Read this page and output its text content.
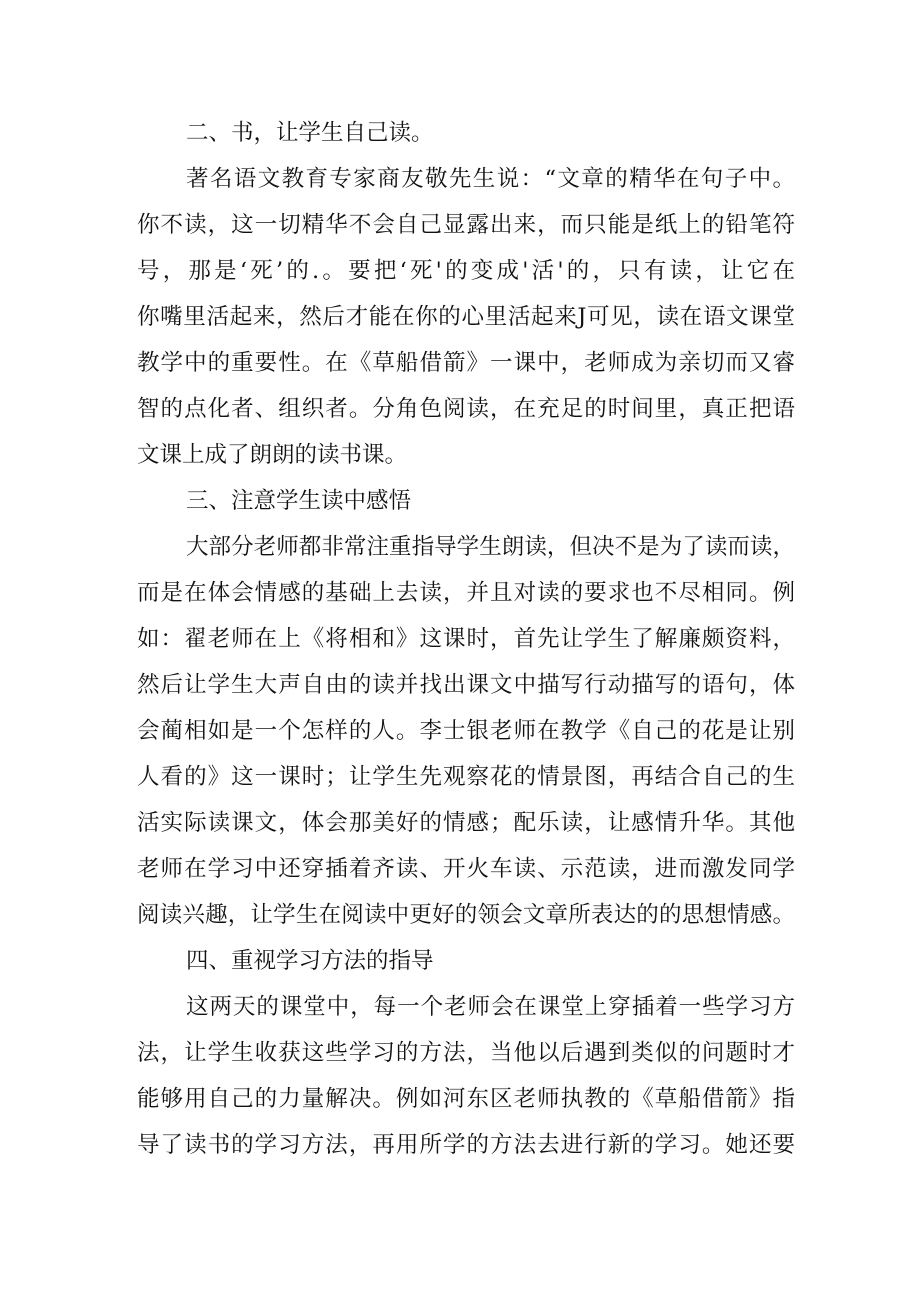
二、书，让学生自己读。
著名语文教育专家商友敬先生说：“文章的精华在句子中。
你不读，这一切精华不会自己显露出来，而只能是纸上的铅笔符
号，那是‘死’的.。要把‘死'的变成'活'的，只有读，让它在
你嘴里活起来，然后才能在你的心里活起来J可见，读在语文课堂
教学中的重要性。在《草船借箭》一课中，老师成为亲切而又睿
智的点化者、组织者。分角色阅读，在充足的时间里，真正把语
文课上成了朗朗的读书课。
三、注意学生读中感悟
大部分老师都非常注重指导学生朗读，但决不是为了读而读，
而是在体会情感的基础上去读，并且对读的要求也不尽相同。例
如：翟老师在上《将相和》这课时，首先让学生了解廉颇资料，
然后让学生大声自由的读并找出课文中描写行动描写的语句，体
会蔺相如是一个怎样的人。李士银老师在教学《自己的花是让别
人看的》这一课时；让学生先观察花的情景图，再结合自己的生
活实际读课文，体会那美好的情感；配乐读，让感情升华。其他
老师在学习中还穿插着齐读、开火车读、示范读，进而激发同学
阅读兴趣，让学生在阅读中更好的领会文章所表达的的思想情感。
四、重视学习方法的指导
这两天的课堂中，每一个老师会在课堂上穿插着一些学习方
法，让学生收获这些学习的方法，当他以后遇到类似的问题时才
能够用自己的力量解决。例如河东区老师执教的《草船借箭》指
导了读书的学习方法，再用所学的方法去进行新的学习。她还要
